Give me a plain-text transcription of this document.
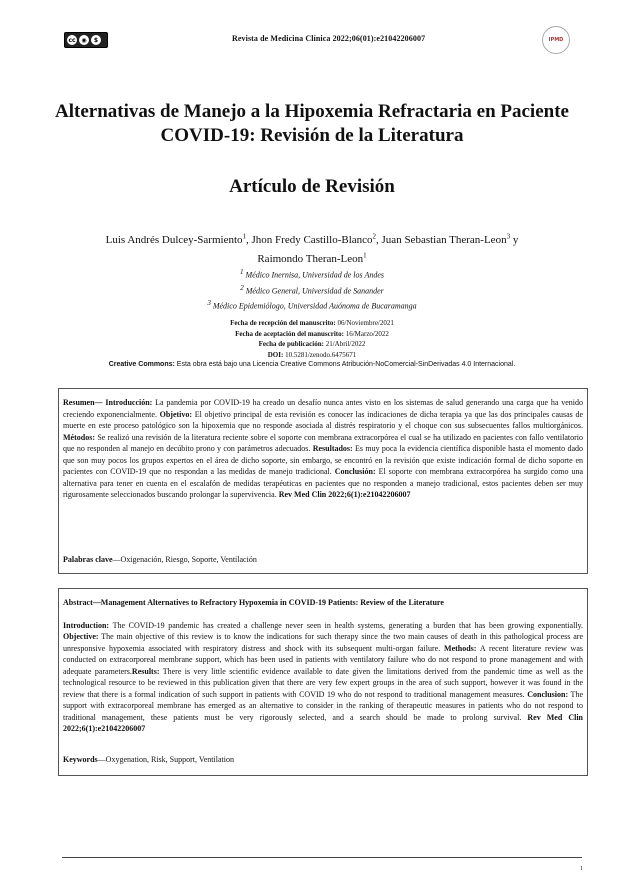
cc ◉	$	Revista de Medicina Clínica 2022;06(01):e21042206007	IPMD
Alternativas de Manejo a la Hipoxemia Refractaria en Paciente COVID-19: Revisión de la Literatura
Artículo de Revisión
Luis Andrés Dulcey-Sarmiento$^1$, Jhon Fredy Castillo-Blanco$^2$, Juan Sebastian Theran-Leon$^3$ y
Raimondo Theran-Leon$^1$
$^1$ Médico Inernisa, Universidad de los Andes
$^2$ Médico General, Universidad de Sanander
$^3$ Médico Epidemiólogo, Universidad Auónoma de Bucaramanga
Fecha de recepción del manuscrito: 06/Noviembre/2021
Fecha de aceptación del manuscrito: 16/Marzo/2022
Fecha de publicación: 21/Abril/2022
DOI: 10.5281/zenodo.6475671
Creative Commons: Esta obra está bajo una Licencia Creative Commons Atribución-NoComercial-SinDerivadas 4.0 Internacional.
Resumen— Introducción: La pandemia por COVID-19 ha creado un desafío nunca antes visto en los sistemas de salud generando una carga que ha venido creciendo exponencialmente. Objetivo: El objetivo principal de esta revisión es conocer las indicaciones de dicha terapia ya que las dos principales causas de muerte en este proceso patológico son la hipoxemia que no responde asociada al distrés respiratorio y el choque con sus subsecuentes fallos multiorgánicos. Métodos: Se realizó una revisión de la literatura reciente sobre el soporte con membrana extracorpórea el cual se ha utilizado en pacientes con fallo ventilatorio que no responden al manejo en decúbito prono y con parámetros adecuados. Resultados: Es muy poca la evidencia científica disponible hasta el momento dado que son muy pocos los grupos expertos en el área de dicho soporte, sin embargo, se encontró en la revisión que existe indicación formal de dicho soporte en pacientes con COVID-19 que no respondan a las medidas de manejo tradicional. Conclusión: El soporte con membrana extracorpórea ha surgido como una alternativa para tener en cuenta en el escalafón de medidas terapéuticas en pacientes que no responden a manejo tradicional, estos pacientes deben ser muy rigurosamente seleccionados buscando prolongar la supervivencia. Rev Med Clin 2022;6(1):e21042206007
Palabras clave—Oxigenación, Riesgo, Soporte, Ventilación
Abstract—Management Alternatives to Refractory Hypoxemia in COVID-19 Patients: Review of the Literature
Introduction: The COVID-19 pandemic has created a challenge never seen in health systems, generating a burden that has been growing exponentially. Objective: The main objective of this review is to know the indications for such therapy since the two main causes of death in this pathological process are unresponsive hypoxemia associated with respiratory distress and shock with its subsequent multi-organ failure. Methods: A recent literature review was conducted on extracorporeal membrane support, which has been used in patients with ventilatory failure who do not respond to prone management and with adequate parameters.Results: There is very little scientific evidence available to date given the limitations derived from the pandemic time as well as the technological resource to be reviewed in this publication given that there are very few expert groups in the area of such support, however it was found in the review that there is a formal indication of such support in patients with COVID 19 who do not respond to traditional management measures. Conclusion: The support with extracorporeal membrane has emerged as an alternative to consider in the ranking of therapeutic measures in patients who do not respond to traditional management, these patients must be very rigorously selected, and a search should be made to prolong survival. Rev Med Clin 2022;6(1):e21042206007
Keywords—Oxygenation, Risk, Support, Ventilation
1
